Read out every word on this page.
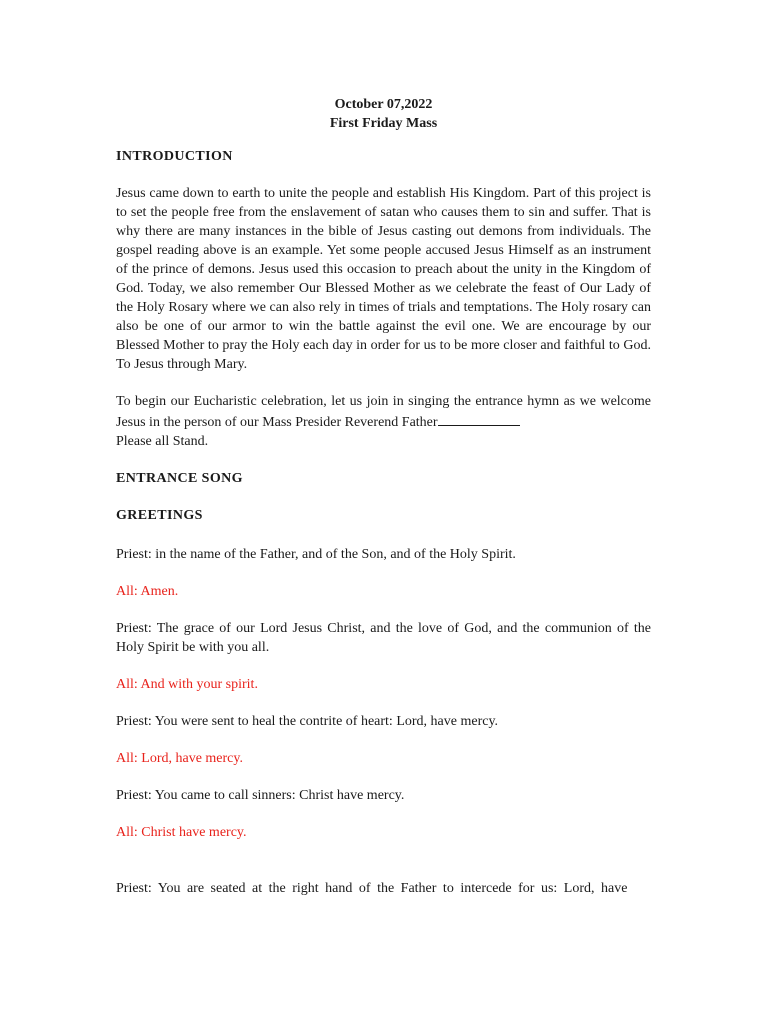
October 07,2022

First Friday Mass

INTRODUCTION

Jesus came down to earth to unite the people and establish His Kingdom. Part of this project is to set the people free from the enslavement of satan who causes them to sin and suffer. That is why there are many instances in the bible of Jesus casting out demons from individuals. The gospel reading above is an example. Yet some people accused Jesus Himself as an instrument of the prince of demons. Jesus used this occasion to preach about the unity in the Kingdom of God. Today, we also remember Our Blessed Mother as we celebrate the feast of Our Lady of the Holy Rosary where we can also rely in times of trials and temptations. The Holy rosary can also be one of our armor to win the battle against the evil one. We are encourage by our Blessed Mother to pray the Holy each day in order for us to be more closer and faithful to God. To Jesus through Mary.

To begin our Eucharistic celebration, let us join in singing the entrance hymn as we welcome Jesus in the person of our Mass Presider Reverend Father

Please all Stand.

ENTRANCE SONG

GREETINGS

Priest: in the name of the Father, and of the Son, and of the Holy Spirit.

All: Amen.

Priest: The grace of our Lord Jesus Christ, and the love of God, and the communion of the Holy Spirit be with you all.

All: And with your spirit.

Priest: You were sent to heal the contrite of heart: Lord, have mercy.

All: Lord, have mercy.

Priest: You came to call sinners: Christ have mercy.

All: Christ have mercy.

Priest: You are seated at the right hand of the Father to intercede for us: Lord, have
